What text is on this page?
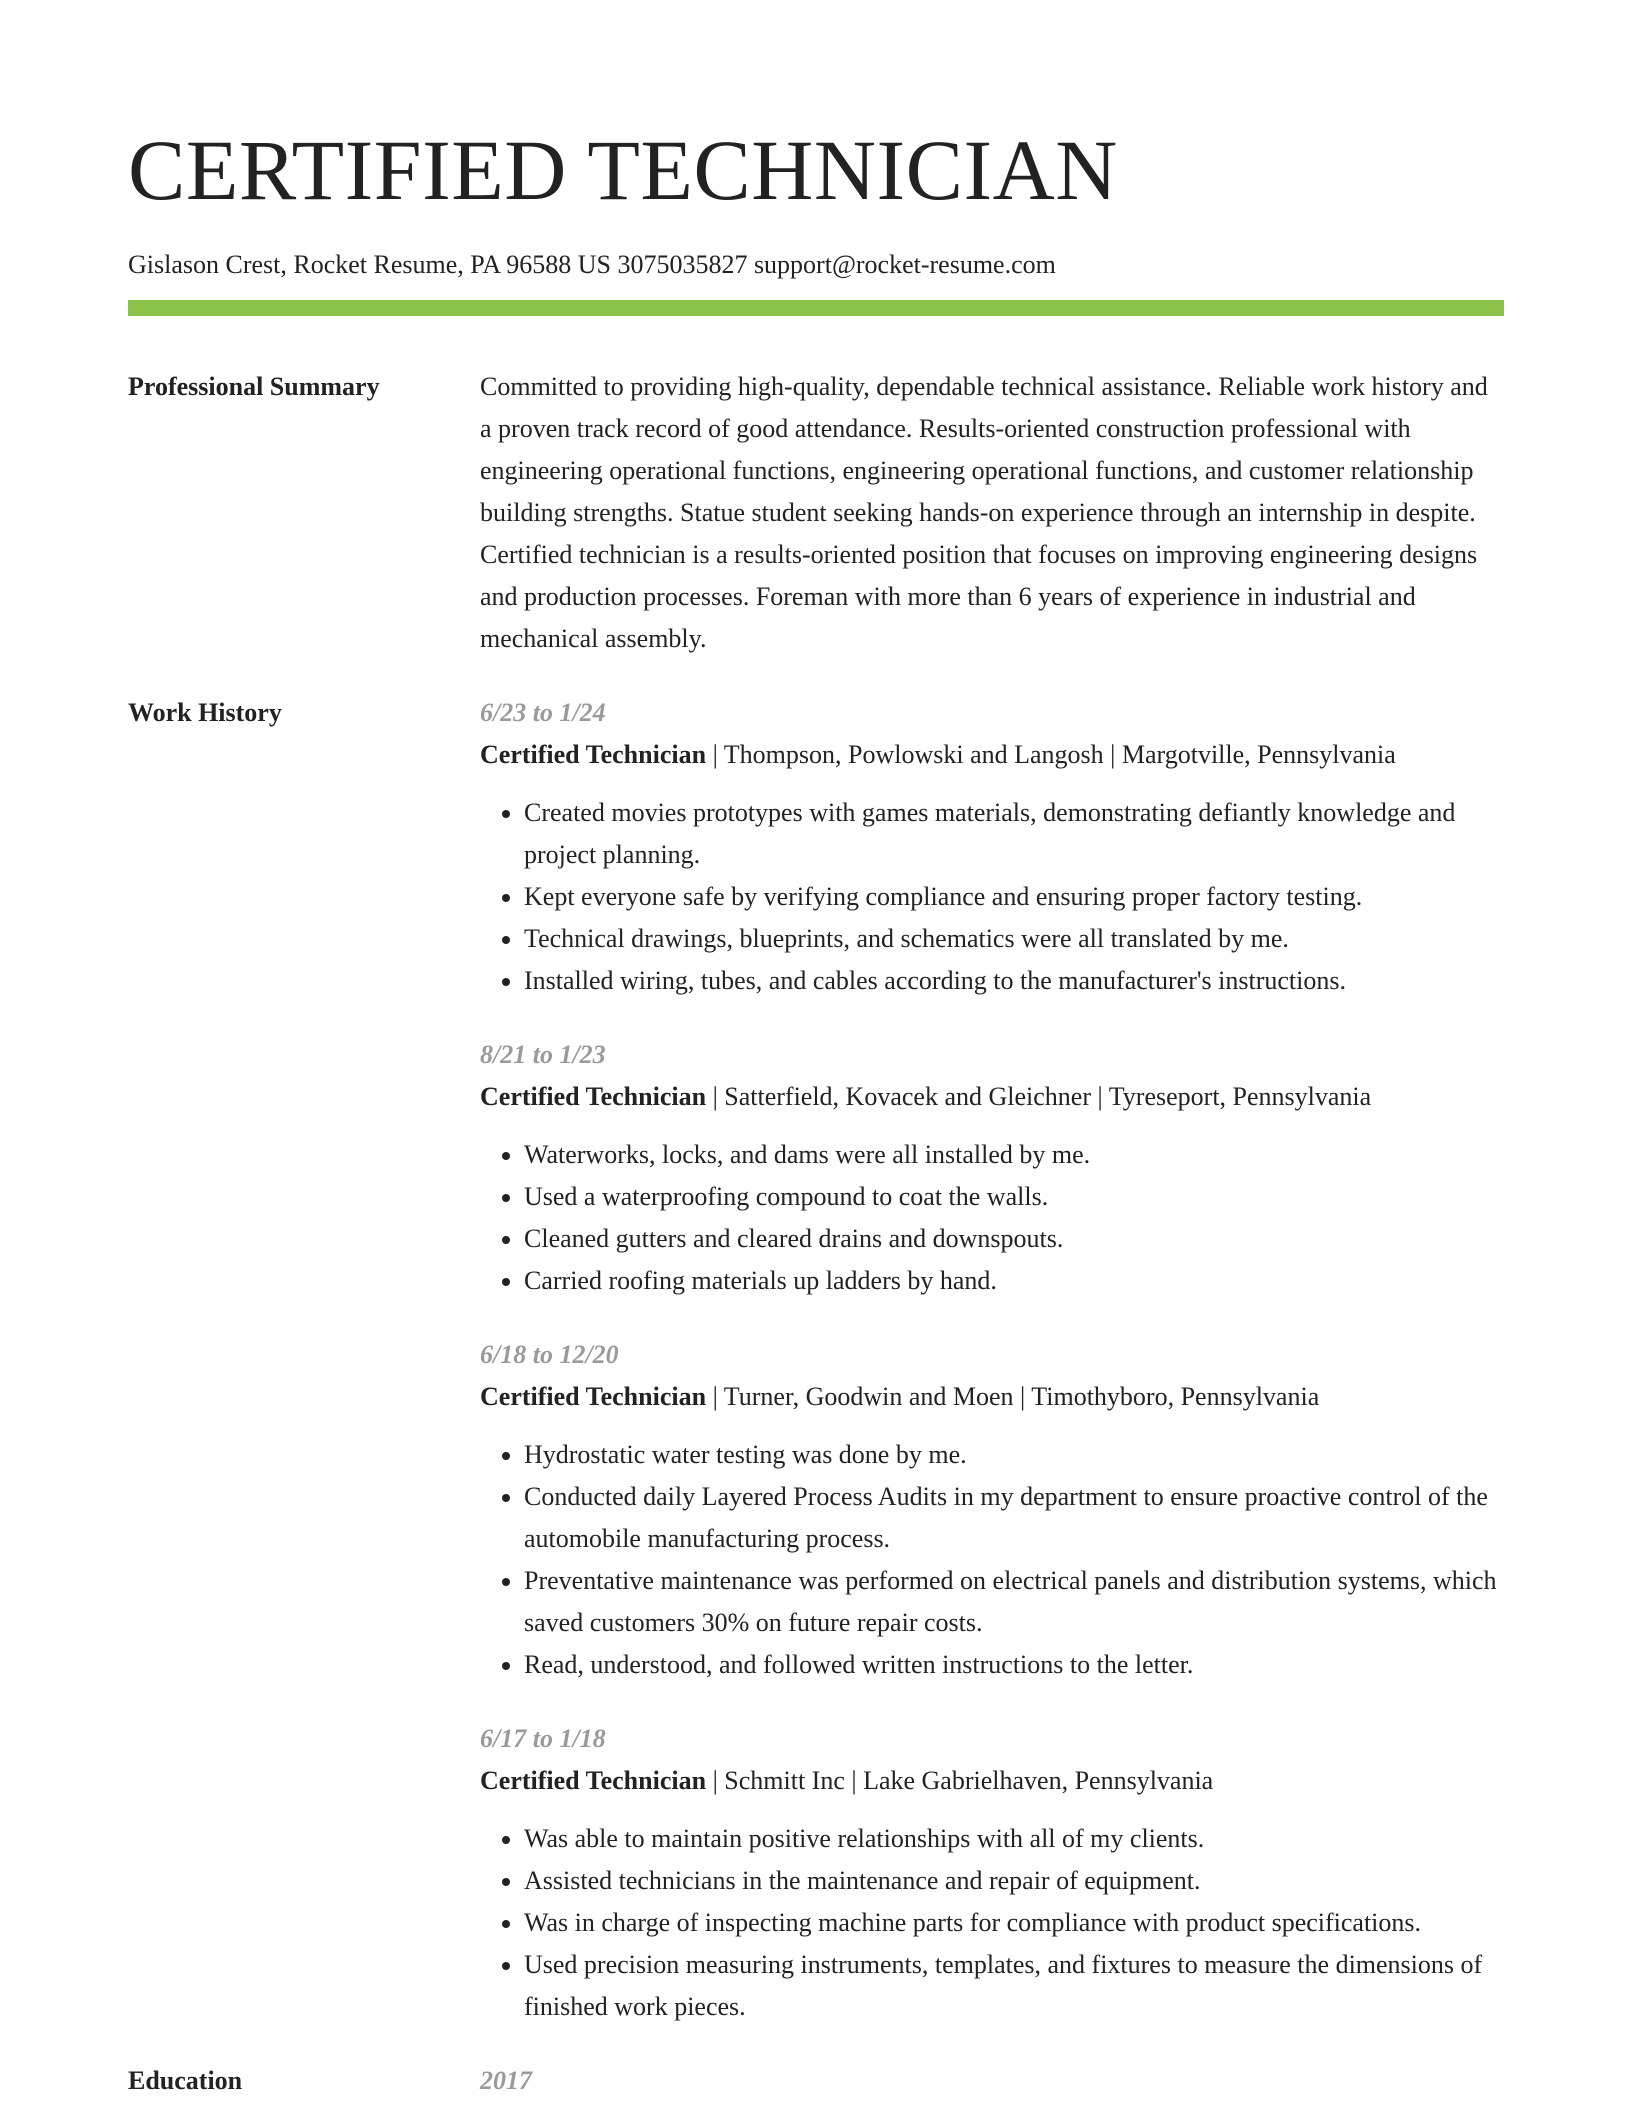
CERTIFIED TECHNICIAN
Gislason Crest, Rocket Resume, PA 96588 US 3075035827 support@rocket-resume.com
Professional Summary	Committed to providing high-quality, dependable technical assistance. Reliable work history and a proven track record of good attendance. Results-oriented construction professional with engineering operational functions, engineering operational functions, and customer relationship building strengths. Statue student seeking hands-on experience through an internship in despite. Certified technician is a results-oriented position that focuses on improving engineering designs and production processes. Foreman with more than 6 years of experience in industrial and mechanical assembly.

Work History	6/23 to 1/24
Certified Technician | Thompson, Powlowski and Langosh | Margotville, Pennsylvania
• Created movies prototypes with games materials, demonstrating defiantly knowledge and project planning.
• Kept everyone safe by verifying compliance and ensuring proper factory testing.
• Technical drawings, blueprints, and schematics were all translated by me.
• Installed wiring, tubes, and cables according to the manufacturer's instructions.
8/21 to 1/23
Certified Technician | Satterfield, Kovacek and Gleichner | Tyreseport, Pennsylvania
• Waterworks, locks, and dams were all installed by me.
• Used a waterproofing compound to coat the walls.
• Cleaned gutters and cleared drains and downspouts.
• Carried roofing materials up ladders by hand.
6/18 to 12/20
Certified Technician | Turner, Goodwin and Moen | Timothyboro, Pennsylvania
• Hydrostatic water testing was done by me.
• Conducted daily Layered Process Audits in my department to ensure proactive control of the automobile manufacturing process.
• Preventative maintenance was performed on electrical panels and distribution systems, which saved customers 30% on future repair costs.
• Read, understood, and followed written instructions to the letter.
6/17 to 1/18
Certified Technician | Schmitt Inc | Lake Gabrielhaven, Pennsylvania
• Was able to maintain positive relationships with all of my clients.
• Assisted technicians in the maintenance and repair of equipment.
• Was in charge of inspecting machine parts for compliance with product specifications.
• Used precision measuring instruments, templates, and fixtures to measure the dimensions of finished work pieces.
Education	2017
